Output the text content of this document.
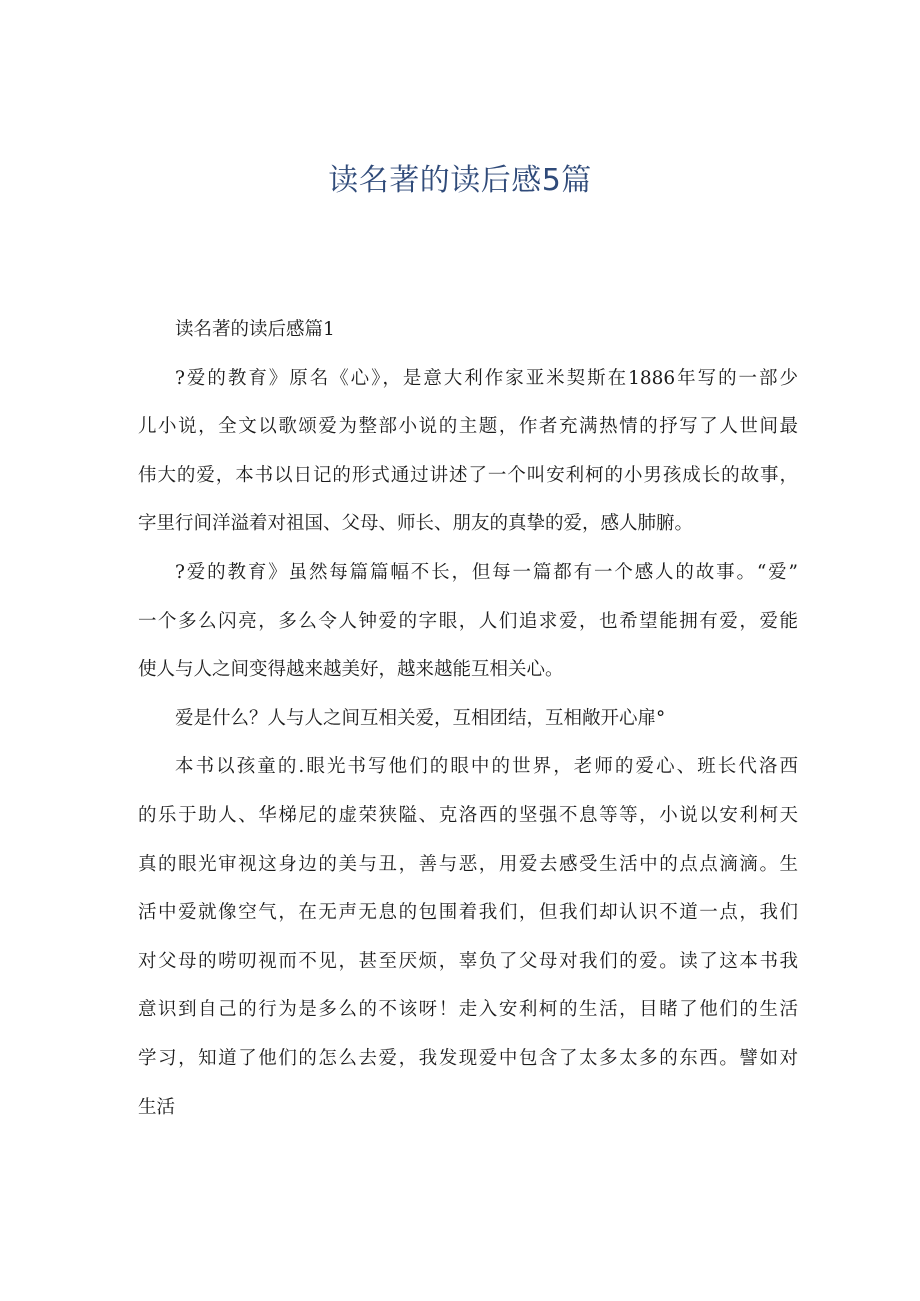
读名著的读后感5篇
读名著的读后感篇1
?爱的教育》原名《心》，是意大利作家亚米契斯在1886年写的一部少
儿小说，全文以歌颂爱为整部小说的主题，作者充满热情的抒写了人世间最
伟大的爱，本书以日记的形式通过讲述了一个叫安利柯的小男孩成长的故事，
字里行间洋溢着对祖国、父母、师长、朋友的真挚的爱，感人肺腑。
?爱的教育》虽然每篇篇幅不长，但每一篇都有一个感人的故事。“爱”
一个多么闪亮，多么令人钟爱的字眼，人们追求爱，也希望能拥有爱，爱能
使人与人之间变得越来越美好，越来越能互相关心。
爱是什么？人与人之间互相关爱，互相团结，互相敞开心扉°
本书以孩童的.眼光书写他们的眼中的世界，老师的爱心、班长代洛西
的乐于助人、华梯尼的虚荣狭隘、克洛西的坚强不息等等，小说以安利柯天
真的眼光审视这身边的美与丑，善与恶，用爱去感受生活中的点点滴滴。生
活中爱就像空气，在无声无息的包围着我们，但我们却认识不道一点，我们
对父母的唠叨视而不见，甚至厌烦，辜负了父母对我们的爱。读了这本书我
意识到自己的行为是多么的不该呀！走入安利柯的生活，目睹了他们的生活
学习，知道了他们的怎么去爱，我发现爱中包含了太多太多的东西。譬如对
生活
